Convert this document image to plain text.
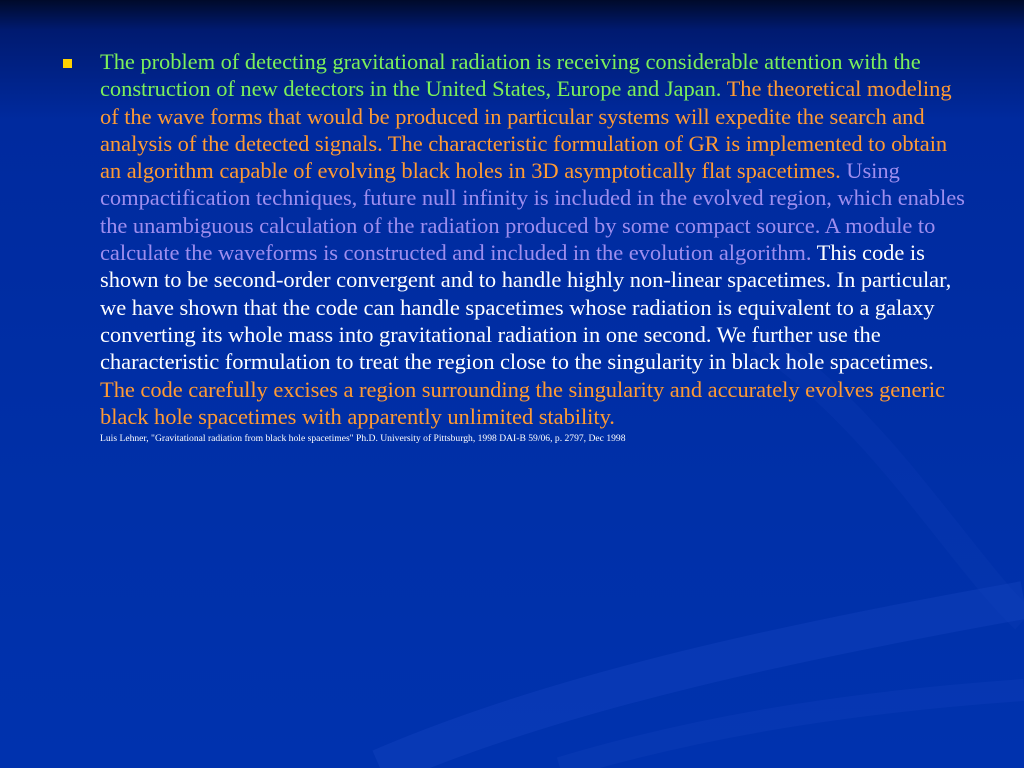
The problem of detecting gravitational radiation is receiving considerable attention with the construction of new detectors in the United States, Europe and Japan. The theoretical modeling of the wave forms that would be produced in particular systems will expedite the search and analysis of the detected signals. The characteristic formulation of GR is implemented to obtain an algorithm capable of evolving black holes in 3D asymptotically flat spacetimes. Using compactification techniques, future null infinity is included in the evolved region, which enables the unambiguous calculation of the radiation produced by some compact source. A module to calculate the waveforms is constructed and included in the evolution algorithm. This code is shown to be second-order convergent and to handle highly non-linear spacetimes. In particular, we have shown that the code can handle spacetimes whose radiation is equivalent to a galaxy converting its whole mass into gravitational radiation in one second. We further use the characteristic formulation to treat the region close to the singularity in black hole spacetimes. The code carefully excises a region surrounding the singularity and accurately evolves generic black hole spacetimes with apparently unlimited stability.

Luis Lehner, "Gravitational radiation from black hole spacetimes" Ph.D. University of Pittsburgh, 1998 DAI-B 59/06, p. 2797, Dec 1998
